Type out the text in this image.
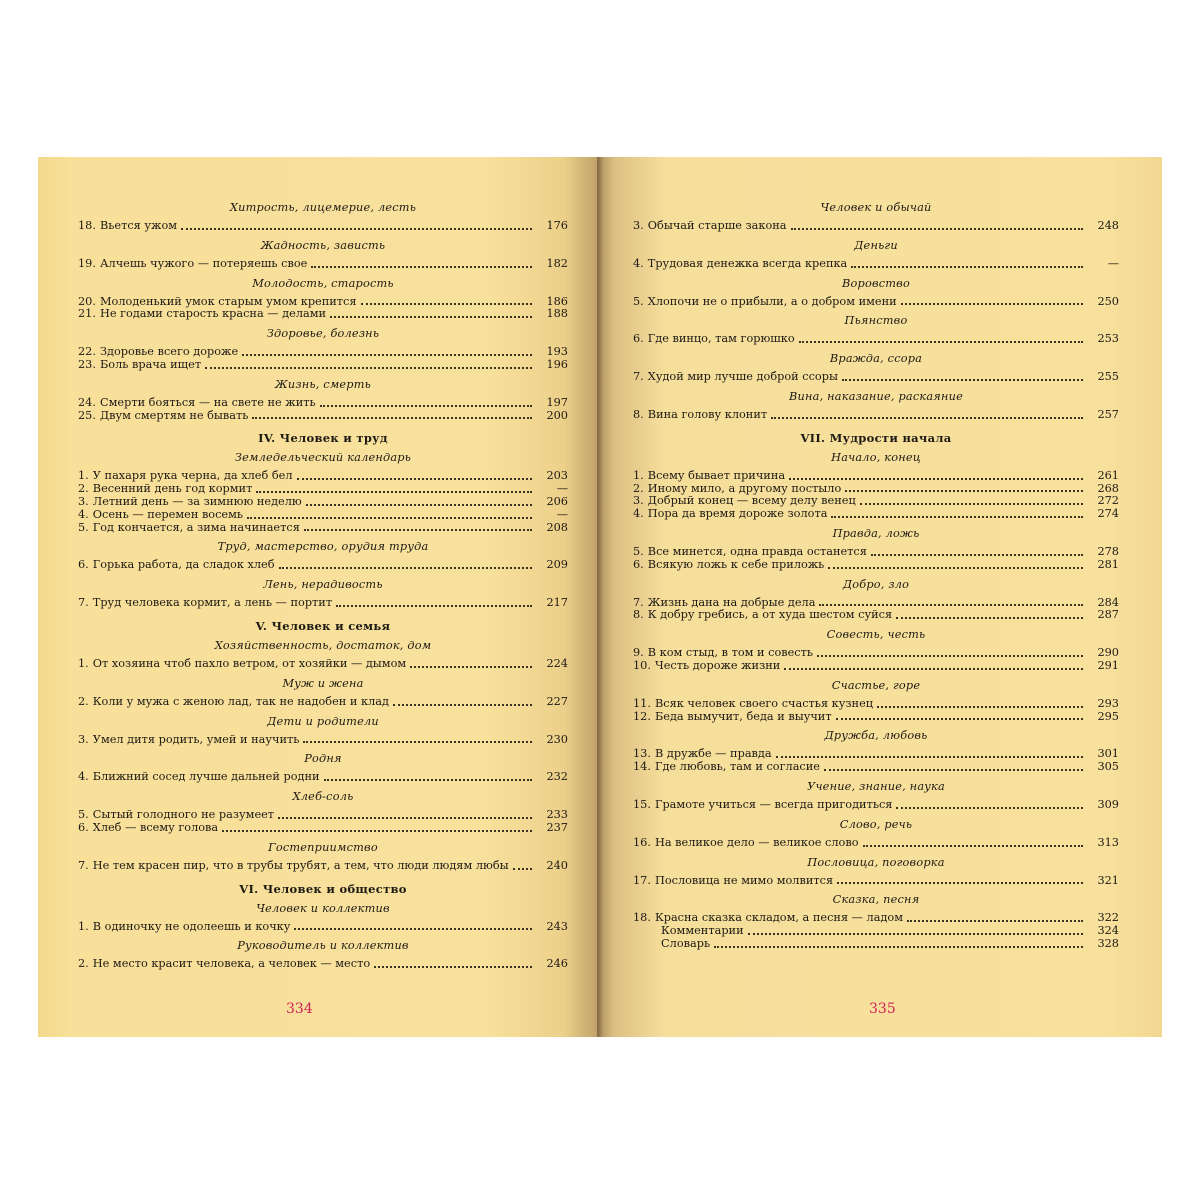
Хитрость, лицемерие, лесть
18. Вьется ужом	176
Жадность, зависть
19. Алчешь чужого — потеряешь свое	182
Молодость, старость
20. Молоденький умок старым умом крепится	186
21. Не годами старость красна — делами	188
Здоровье, болезнь
22. Здоровье всего дороже	193
23. Боль врача ищет	196
Жизнь, смерть
24. Смерти бояться — на свете не жить	197
25. Двум смертям не бывать	200
IV. Человек и труд
Земледельческий календарь
1. У пахаря рука черна, да хлеб бел	203
2. Весенний день год кормит	—
3. Летний день — за зимнюю неделю	206
4. Осень — перемен восемь	—
5. Год кончается, а зима начинается	208
Труд, мастерство, орудия труда
6. Горька работа, да сладок хлеб	209
Лень, нерадивость
7. Труд человека кормит, а лень — портит	217
V. Человек и семья
Хозяйственность, достаток, дом
1. От хозяина чтоб пахло ветром, от хозяйки — дымом	224
Муж и жена
2. Коли у мужа с женою лад, так не надобен и клад	227
Дети и родители
3. Умел дитя родить, умей и научить	230
Родня
4. Ближний сосед лучше дальней родни	232
Хлеб-соль
5. Сытый голодного не разумеет	233
6. Хлеб — всему голова	237
Гостеприимство
7. Не тем красен пир, что в трубы трубят, а тем, что люди людям любы	240
VI. Человек и общество
Человек и коллектив
1. В одиночку не одолеешь и кочку	243
Руководитель и коллектив
2. Не место красит человека, а человек — место	246
334
Человек и обычай
3. Обычай старше закона	248
Деньги
4. Трудовая денежка всегда крепка	—
Воровство
5. Хлопочи не о прибыли, а о добром имени	250
Пьянство
6. Где винцо, там горюшко	253
Вражда, ссора
7. Худой мир лучше доброй ссоры	255
Вина, наказание, раскаяние
8. Вина голову клонит	257
VII. Мудрости начала
Начало, конец
1. Всему бывает причина	261
2. Иному мило, а другому постыло	268
3. Добрый конец — всему делу венец	272
4. Пора да время дороже золота	274
Правда, ложь
5. Все минется, одна правда останется	278
6. Всякую ложь к себе приложь	281
Добро, зло
7. Жизнь дана на добрые дела	284
8. К добру гребись, а от худа шестом суйся	287
Совесть, честь
9. В ком стыд, в том и совесть	290
10. Честь дороже жизни	291
Счастье, горе
11. Всяк человек своего счастья кузнец	293
12. Беда вымучит, беда и выучит	295
Дружба, любовь
13. В дружбе — правда	301
14. Где любовь, там и согласие	305
Учение, знание, наука
15. Грамоте учиться — всегда пригодиться	309
Слово, речь
16. На великое дело — великое слово	313
Пословица, поговорка
17. Пословица не мимо молвится	321
Сказка, песня
18. Красна сказка складом, а песня — ладом	322
Комментарии	324
Словарь	328
335
